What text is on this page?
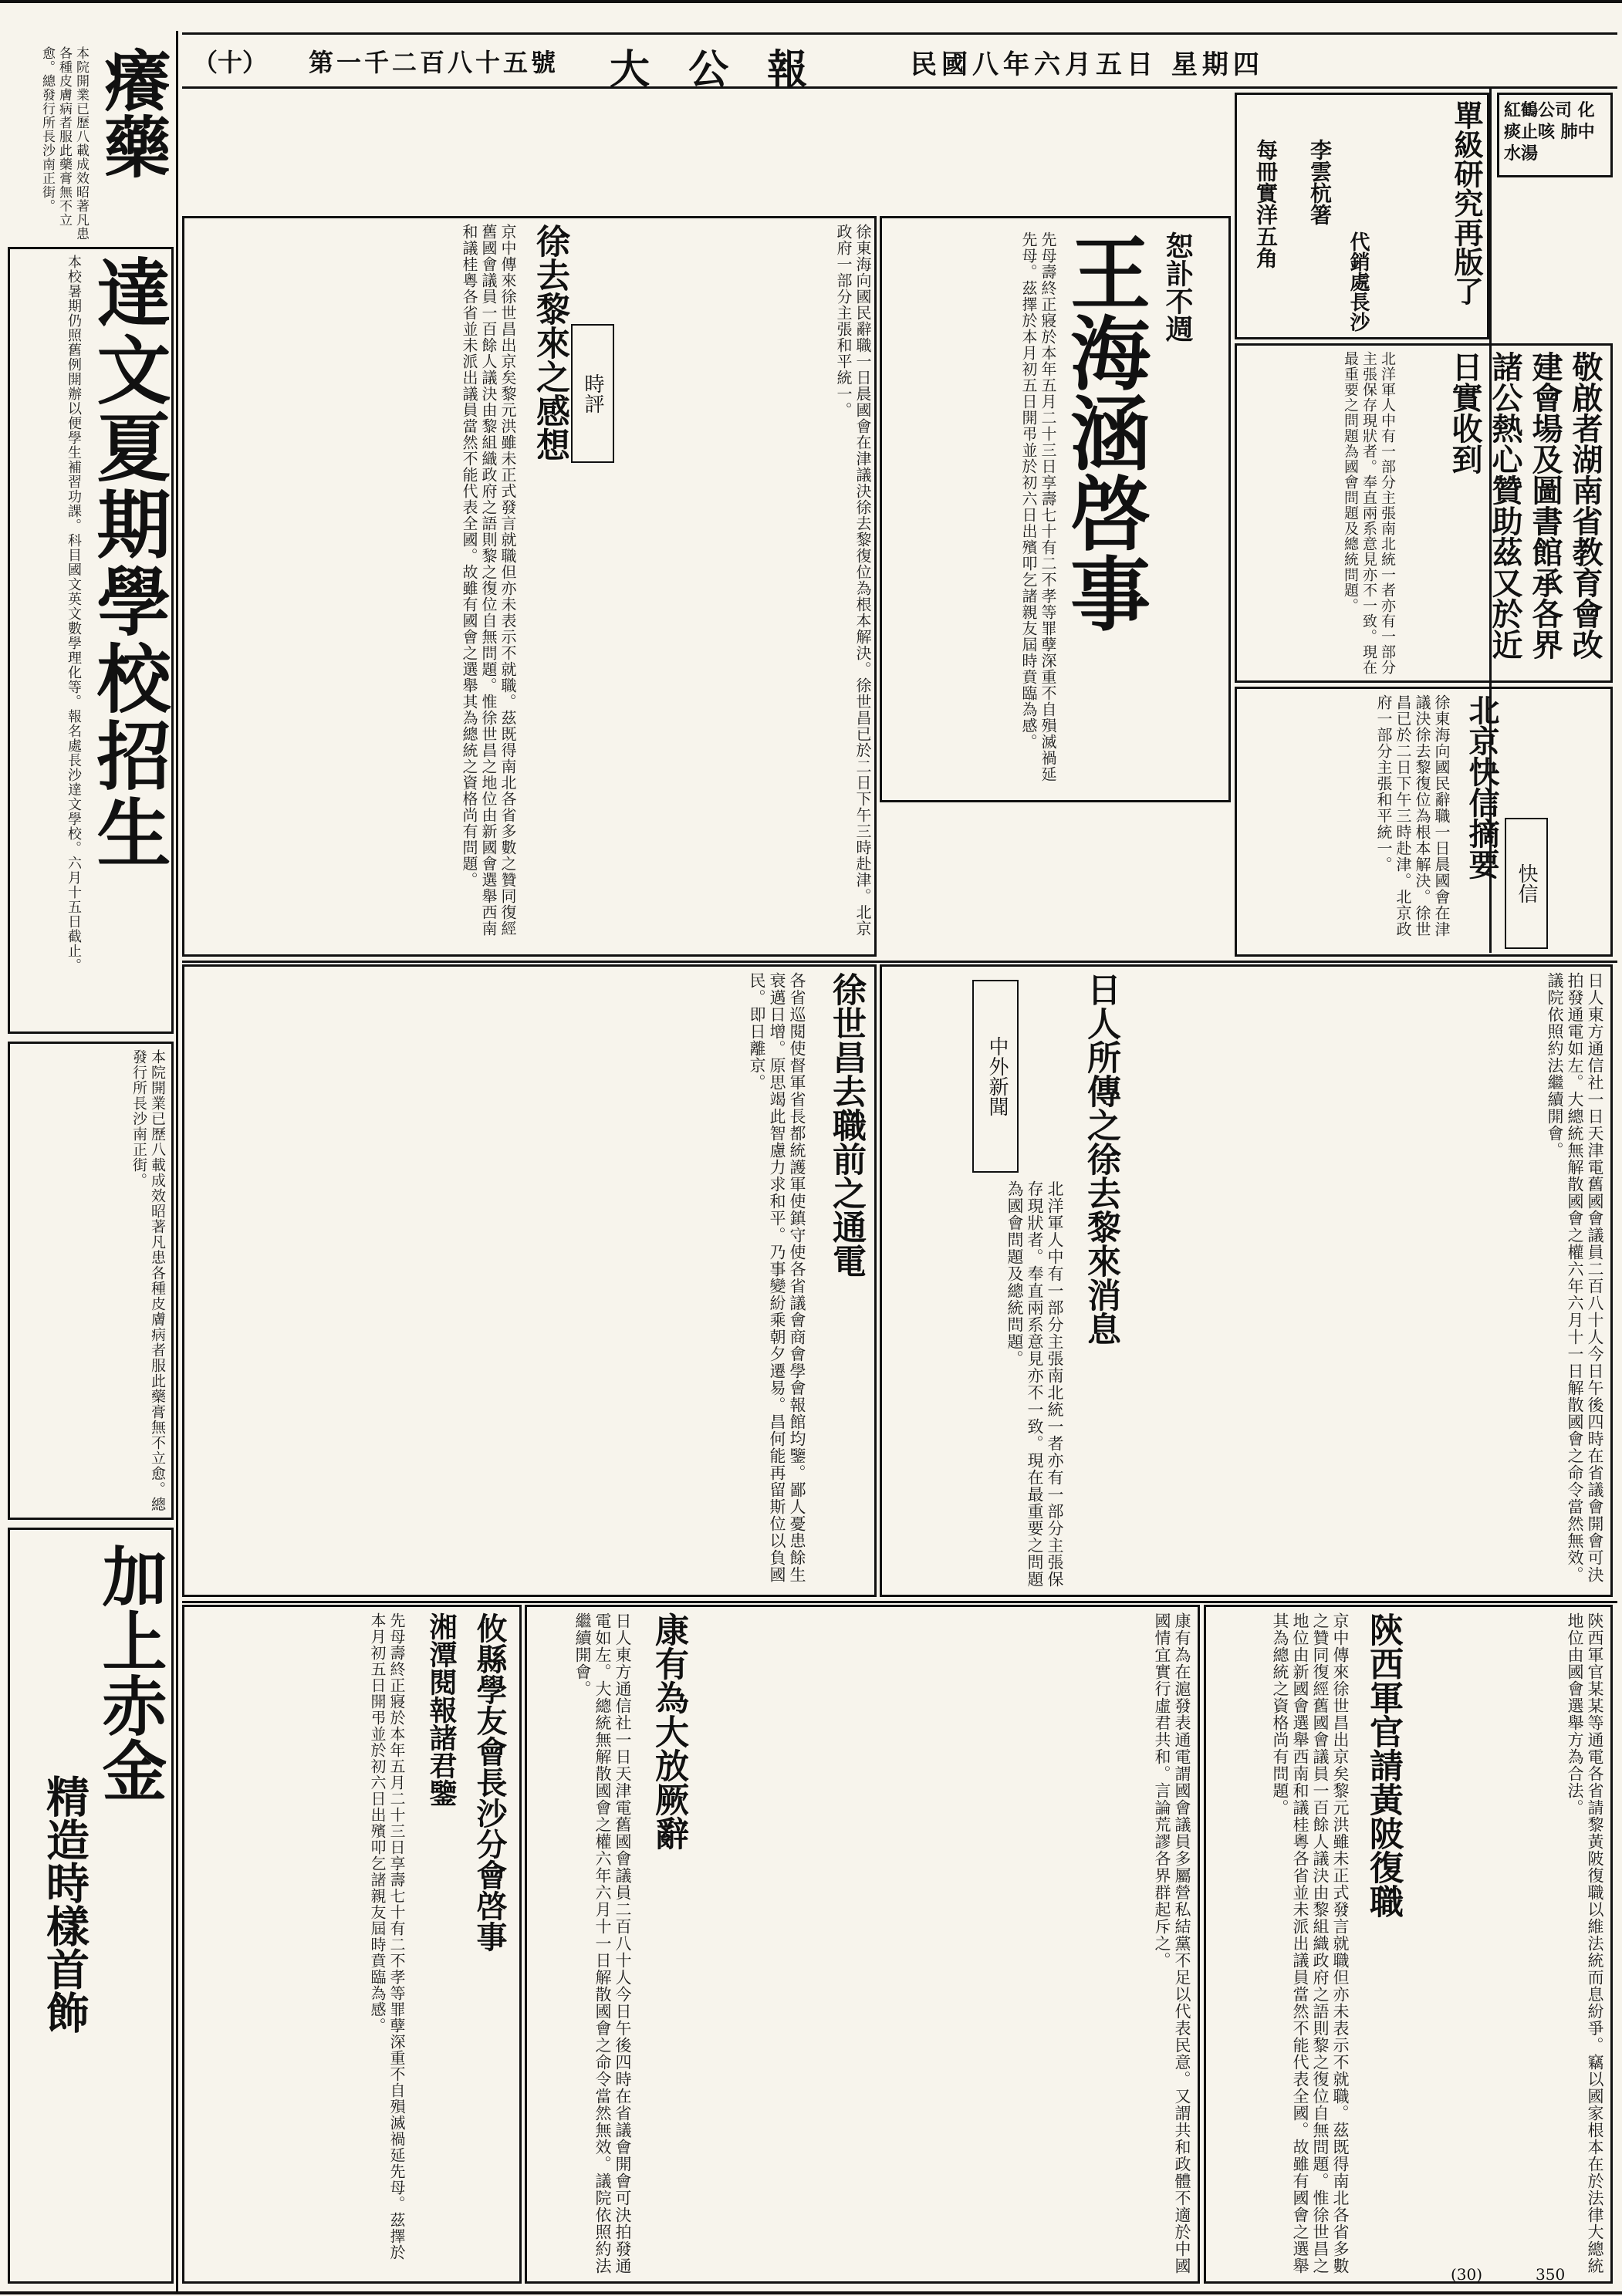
民國八年六月五日 星期四
大 公 報
第一千二百八十五號
（十）
癢藥
本院開業已歷八載成效昭著凡患各種皮膚病者服此藥膏無不立愈。總發行所長沙南正街。
達文夏期學校招生
本校暑期仍照舊例開辦以便學生補習功課。科目國文英文數學理化等。報名處長沙達文學校。六月十五日截止。
本院開業已歷八載成效昭著凡患各種皮膚病者服此藥膏無不立愈。總發行所長沙南正街。
加上赤金
精造時樣首飾
紅鶴公司 化痰止咳 肺中水湯
單級研究再版了
李雲杭箸
每冊實洋五角
代銷處長沙
敬啟者湖南省教育會改建會場及圖書館承各界諸公熱心贊助茲又於近日實收到
北洋軍人中有一部分主張南北統一者亦有一部分主張保存現狀者。奉直兩系意見亦不一致。現在最重要之問題為國會問題及總統問題。
王海涵啓事
先母壽終正寢於本年五月二十三日享壽七十有二不孝等罪孽深重不自殞滅禍延先母。茲擇於本月初五日開弔並於初六日出殯叩乞諸親友屆時賁臨為感。	恕訃不週
時評
徐去黎來之感想
京中傳來徐世昌出京矣黎元洪雖未正式發言就職但亦未表示不就職。茲既得南北各省多數之贊同復經舊國會議員一百餘人議決由黎組織政府之語則黎之復位自無問題。惟徐世昌之地位由新國會選舉西南和議桂粵各省並未派出議員當然不能代表全國。故雖有國會之選舉其為總統之資格尚有問題。	徐東海向國民辭職一日晨國會在津議決徐去黎復位為根本解決。徐世昌已於二日下午三時赴津。北京政府一部分主張和平統一。
快信
北京快信摘要
徐東海向國民辭職一日晨國會在津議決徐去黎復位為根本解決。徐世昌已於二日下午三時赴津。北京政府一部分主張和平統一。
中外新聞 日人所傳之徐去黎來消息	日人東方通信社一日天津電舊國會議員二百八十人今日午後四時在省議會開會可決拍發通電如左。大總統無解散國會之權六年六月十一日解散國會之命令當然無效。議院依照約法繼續開會。
北洋軍人中有一部分主張南北統一者亦有一部分主張保存現狀者。奉直兩系意見亦不一致。現在最重要之問題為國會問題及總統問題。
徐世昌去職前之通電
各省巡閱使督軍省長都統護軍使鎮守使各省議會商會學會報館均鑒。鄙人憂患餘生衰邁日增。原思竭此智慮力求和平。乃事變紛乘朝夕遷易。昌何能再留斯位以負國民。即日離京。
陝西軍官請黃陂復職	陝西軍官某某等通電各省請黎黃陂復職以維法統而息紛爭。竊以國家根本在於法律大總統地位由國會選舉方為合法。
京中傳來徐世昌出京矣黎元洪雖未正式發言就職但亦未表示不就職。茲既得南北各省多數之贊同復經舊國會議員一百餘人議決由黎組織政府之語則黎之復位自無問題。惟徐世昌之地位由新國會選舉西南和議桂粵各省並未派出議員當然不能代表全國。故雖有國會之選舉其為總統之資格尚有問題。
康有為大放厥辭	康有為在滬發表通電謂國會議員多屬營私結黨不足以代表民意。又謂共和政體不適於中國國情宜實行虛君共和。言論荒謬各界群起斥之。
日人東方通信社一日天津電舊國會議員二百八十人今日午後四時在省議會開會可決拍發通電如左。大總統無解散國會之權六年六月十一日解散國會之命令當然無效。議院依照約法繼續開會。
攸縣學友會長沙分會啓事
湘潭閱報諸君鑒
先母壽終正寢於本年五月二十三日享壽七十有二不孝等罪孽深重不自殞滅禍延先母。茲擇於本月初五日開弔並於初六日出殯叩乞諸親友屆時賁臨為感。
(30)	350
